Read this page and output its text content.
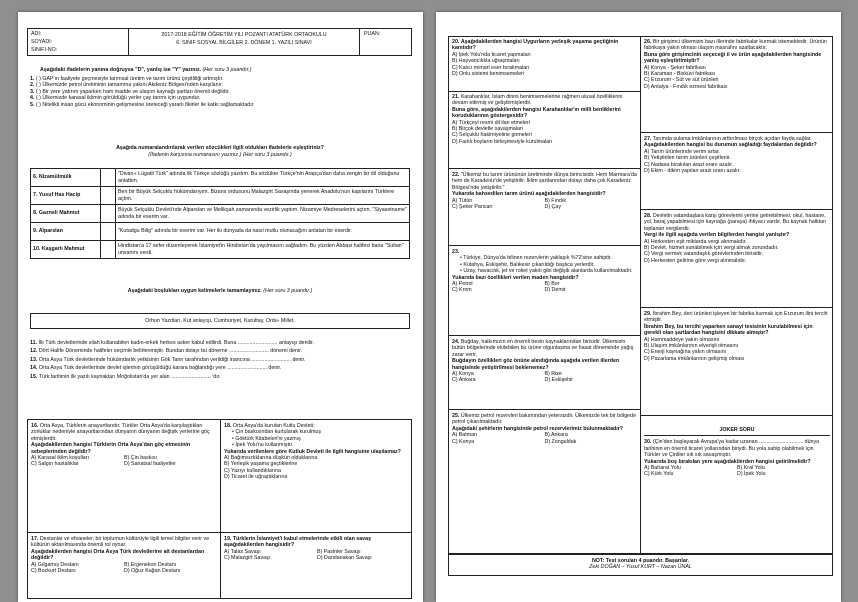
ADI:
SOYADI:
SINIFI-NO:
2017-2018 EĞİTİM ÖĞRETİM YILI POZANTI ATATÜRK ORTAOKULU
6. SINIF SOSYAL BİLGİLER 2. DÖNEM 1. YAZILI SINAVI
PUAN:
Aşağıdaki ifadelerin yanına doğruysa "D", yanlış ise "Y" yazınız. (Her soru 3 puandır.)
1. ( ) GAP'ın faaliyete geçmesiyle tarımsal üretim ve tarım ürünü çeşitliliği artmıştır.
2. ( ) Ülkemizde petrol üretiminin tamamına yakını Akdeniz Bölgesi'nden karşılanır.
3. ( ) Bir yere yatırım yaparken ham madde ve ulaşım kaynağı şartları önemli değildir.
4. ( ) Ülkemizde karasal iklimin görüldüğü yerler çay tarımı için uygundur.
5. ( ) Nitelikli insan gücü ekonominin gelişmesine üreteceği yararlı fikirler ile katkı sağlamaktadır.
Aşağıda numaralandırılarak verilen sözcükleri ilgili oldukları ifadelerle eşleştiriniz?
(İfadenin karşısına numarasını yazınız.) (Her soru 3 puandır.)
6. Nizamülmülk		"Divan-ı Lügatit Türk" adında ilk Türkçe sözlüğü yazdım. Bu sözlükte Türkçe'nin Arapça'dan daha zengin bir dil olduğunu anlattım.
7. Yusuf Has Hacip		Ben bir Büyük Selçuklu hükümdarıyım. Bizans ordusunu Malazgirt Savaşında yenerek Anadolu'nun kapılarını Türklere açtım.
8. Gazneli Mahmut		Büyük Selçuklu Devleti'nde Alparslan ve Melikşah zamanında vezirlik yaptım. Nizamiye Medreselerini açtım. "Siyasetname" adında bir eserim var.
9. Alparslan		"Kutadgu Bilig" adında bir eserim var. Her iki dünyada da nasıl mutlu olunacağını anlatan bir eserdir.
10. Kaşgarlı Mahmut		Hindistan'a 17 sefer düzenleyerek İslamiyet'in Hindistan'da yayılmasını sağladım. Bu yüzden Abbasi halifesi bana "Sultan" unvanını verdi.
Aşağıdaki boşlukları uygun kelimelerle tamamlayınız. (Her soru 3 puandır.)
Orhun Yazıtları, Kut anlayışı, Cumhuriyet, Kurultay, Ordu- Millet,
11. İlk Türk devletlerinde silah kullanabilen kadın-erkek herkes asker kabul edilirdi. Buna ........................... anlayışı denilir.
12. Dört Halife Döneminde halifeler seçimle belirlenmiştir. Bundan dolayı bu döneme ........................... dönemi denir.
13. Orta Asya Türk devletlerinde hükümdarlık yetkisinin Gök Tanrı tarafından verildiği inancına ........................... denir.
14. Orta Asya Türk devletlerinde devlet işlerinin görüşüldüğü karara bağlandığı yere ........................... denir.
15. Türk tarihinin ilk yazılı kaynakları Moğolistan'da yer alan ........................... 'dır.
16. Orta Asya, Türklerin anayurtlarıdır. Türkler Orta Asya'da karşılaştıkları zorluklar nedeniyle anayurtlarından dünyanın dünyanın değişik yerlerine göç etmişlerdir.
Aşağıdakilerden hangisi Türklerin Orta Asya'dan göç etmesinin sebeplerinden değildir?
A) Karasal iklim koşulları	B) Çin baskısı
C) Salgın hastalıklar	D) Sanatsal faaliyetler
17. Destanlar ve efsaneler, bir toplumun kültürüyle ilgili temel bilgiler verir ve kültürün aktarılmasında önemli rol oynar.
Aşağıdakilerden hangisi Orta Asya Türk devletlerine ait destanlardan değildir?
A) Gılgamış Destanı	B) Ergenekon Destanı
C) Bozkurt Destanı	D) Oğuz Kağan Destanı
18. Orta Asya'da kurulan Kutlu Devleti;
• Çin baskısından kurtularak kurulmuş
• Göktürk Kitabeleri'ni yazmış
• İpek Yolu'nu kullanmıştır.
Yukarıda verilenlere göre Kutluk Devleti ile ilgili hangisine ulaşılamaz?
A) Bağımsızlıklarına düşkün olduklarına
B) Yerleşik yaşama geçtiklerine
C) Yazıyı kullandıklarına
D) Ticaret ile uğraştıklarına
19. Türklerin İslamiyet'i kabul etmelerinde etkili olan savaş aşağıdakilerden hangisidir?
A) Talas Savaşı	B) Pasinler Savaşı
C) Malazgirt Savaşı	D) Dandanakan Savaşı
20. Aşağıdakilerden hangisi Uygurların yerleşik yaşama geçtiğinin kanıtıdır?
A) İpek Yolu'nda ticaret yapmaları
B) Hayvancılıkla uğraşmaları
C) Kalıcı mimari eser bırakmaları
D) Onlu sistemi benimsemeleri
21. Karahanlılar, İslam dinini benimsemelerine rağmen ulusal özelliklerini devam ettirmiş ve geliştirmişlerdir.
Buna göre, aşağıdakilerden hangisi Karahanlılar'ın milli benliklerini koruduklarının göstergesidir?
A) Türkçeyi resmi dil ilan etmeleri
B) Birçok devletle savaşmaları
C) Selçuklu hakimiyetine girmeleri
D) Farklı boyların birleşmesiyle kurulmaları
22. "Ülkemiz bu tarım ürününün üretiminde dünya birincisidir. Hem Marmara'da hem de Karadeniz'de yetiştirilir. İklim şartlarından dolayı daha çok Karadeniz Bölgesi'nde yetiştirilir."
Yukarıda bahsedilen tarım ürünü aşağıdakilerden hangisidir?
A) Tütün	B) Fındık
C) Şeker Pancarı	D) Çay
23.
• Türkiye, Dünya'da bilinen rezervlerin yaklaşık %72'sine sahiptir.
• Kütahya, Eskişehir, Balıkesir çıkarıldığı başlıca yerlerdir.
• Uzay, havacılık, jet ve roket yakıtı gibi değişik alanlarda kullanılmaktadır.
Yukarıda bazı özellikleri verilen maden hangisidir?
A) Petrol	B) Bor
C) Krom	D) Demir
24. Buğday, halkımızın en önemli besin kaynaklarından birisidir. Ülkemizin bütün bölgelerinde ekilebilen bu ürüne olgunlaşma ve hasat döneminde yağış zarar verir.
Buğdayın özellikleri göz önüne alındığında aşağıda verilen illerden hangisinde yetiştirilmesi beklenemez?
A) Konya	B) Rize
C) Ankara	D) Eskişehir
25. Ülkemiz petrol rezervleri bakımından yetersizdir. Ülkemizde tek bir bölgede petrol çıkarılmaktadır.
Aşağıdaki şehirlerin hangisinde petrol rezervlerimiz bulunmaktadır?
A) Batman	B) Ankara
C) Konya	D) Zonguldak
26. Bir girişimci ülkemizin bazı illerinde fabrikalar kurmak istemektedir. Ürünün fabrikaya yakın olması ulaşım masrafını azaltacaktır.
Buna göre girişimcinin seçeceği il ve ürün aşağıdakilerden hangisinde yanlış eşleştirilmiştir?
A) Konya - Şeker fabrikası
B) Karaman - Bisküvi fabrikası
C) Erzurum - Süt ve süt ürünleri
D) Antalya - Fındık ezmesi fabrikası
27. Tarımda sulama imkânlarının arttırılması birçok açıdan fayda sağlar.
Aşağıdakilerden hangisi bu durumun sağladığı faydalardan değildir?
A) Tarım ürünlerinde verim artar.
B) Yetiştirilen tarım ürünleri çeşitlenir.
C) Nadasa bırakılan arazi oranı azalır.
D) Ekim - dikim yapılan arazi oranı azalır.
28. Devletin vatandaşlara karşı görevlerini yerine getirebilmesi; okul, hastane, yol, baraj yapabilmesi için kaynağa (paraya) ihtiyacı vardır. Bu kaynak halktan toplanan vergilerdir.
Vergi ile ilgili aşağıda verilen bilgilerden hangisi yanlıştır?
A) Herkesten eşit miktarda vergi alınmalıdır.
B) Devlet, hizmet sunabilmek için vergi almak zorundadır.
C) Vergi vermek vatandaşlık görevlerinden birisidir.
D) Herkesten gelirine göre vergi alınmalıdır.
29. İbrahim Bey, deri ürünleri işleyen bir fabrika kurmak için Erzurum ilini tercih etmiştir.
İbrahim Bey, bu tercihi yaparken sanayi tesisinin kurulabilmesi için gerekli olan şartlardan hangisini dikkate almıştır?
A) Hammaddeye yakın olmasını
B) Ulaşım imkânlarının elverişli olmasını
C) Enerji kaynağına yakın olmasını
D) Pazarlama imkânlarının gelişmiş olması
JOKER SORU
30. (Çin'den başlayarak Avrupa'ya kadar uzanan .............................. dünya tarihinin en önemli ticaret yollarından biriydi. Bu yola sahip olabilmek için Türkler ve Çinliler sık sık savaşmıştır.
Yukarıda boş bırakılan yere aşağıdakilerden hangisi getirilmelidir?
A) Baharat Yolu	B) Kral Yolu
C) Kürk Yolu	D) İpek Yolu
NOT: Test soruları 4 puandır. Başarılar.
Zeki DOĞAN – Yusuf KURT – Nazan ÜNAL
